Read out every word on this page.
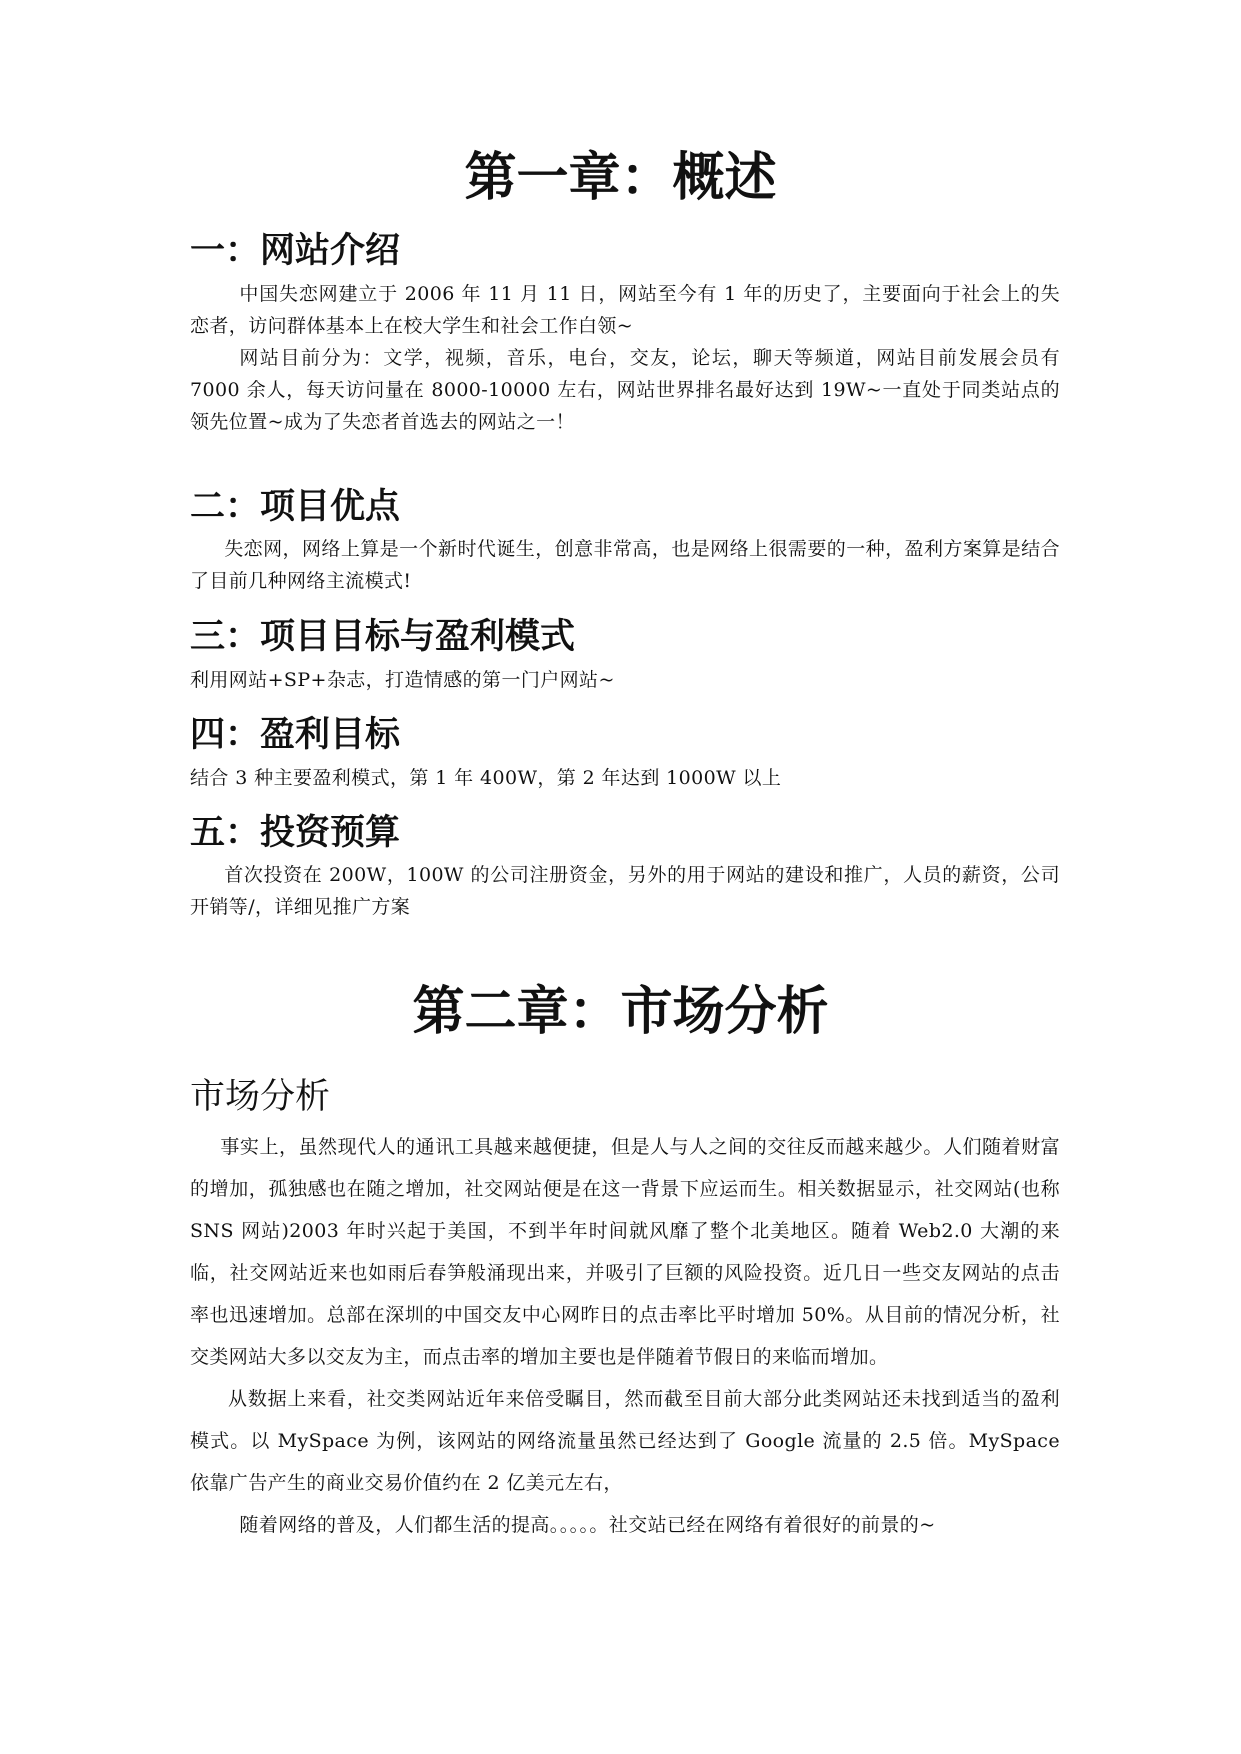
第一章：概述
一：网站介绍

中国失恋网建立于 2006 年 11 月 11 日，网站至今有 1 年的历史了，主要面向于社会上的失恋者，访问群体基本上在校大学生和社会工作白领~

网站目前分为：文学，视频，音乐，电台，交友，论坛，聊天等频道，网站目前发展会员有 7000 余人，每天访问量在 8000-10000 左右，网站世界排名最好达到 19W~一直处于同类站点的领先位置~成为了失恋者首选去的网站之一！

二：项目优点

失恋网，网络上算是一个新时代诞生，创意非常高，也是网络上很需要的一种，盈利方案算是结合了目前几种网络主流模式!

三：项目目标与盈利模式

利用网站+SP+杂志，打造情感的第一门户网站~

四：盈利目标

结合 3 种主要盈利模式，第 1 年 400W，第 2 年达到 1000W 以上

五：投资预算

首次投资在 200W，100W 的公司注册资金，另外的用于网站的建设和推广，人员的薪资，公司开销等/，详细见推广方案

第二章：市场分析
市场分析

事实上，虽然现代人的通讯工具越来越便捷，但是人与人之间的交往反而越来越少。人们随着财富的增加，孤独感也在随之增加，社交网站便是在这一背景下应运而生。相关数据显示，社交网站(也称 SNS 网站)2003 年时兴起于美国，不到半年时间就风靡了整个北美地区。随着 Web2.0 大潮的来临，社交网站近来也如雨后春笋般涌现出来，并吸引了巨额的风险投资。近几日一些交友网站的点击率也迅速增加。总部在深圳的中国交友中心网昨日的点击率比平时增加 50%。从目前的情况分析，社交类网站大多以交友为主，而点击率的增加主要也是伴随着节假日的来临而增加。

从数据上来看，社交类网站近年来倍受瞩目，然而截至目前大部分此类网站还未找到适当的盈利模式。以 MySpace 为例，该网站的网络流量虽然已经达到了 Google 流量的 2.5 倍。MySpace 依靠广告产生的商业交易价值约在 2 亿美元左右，

随着网络的普及，人们都生活的提高。。。。。社交站已经在网络有着很好的前景的~
